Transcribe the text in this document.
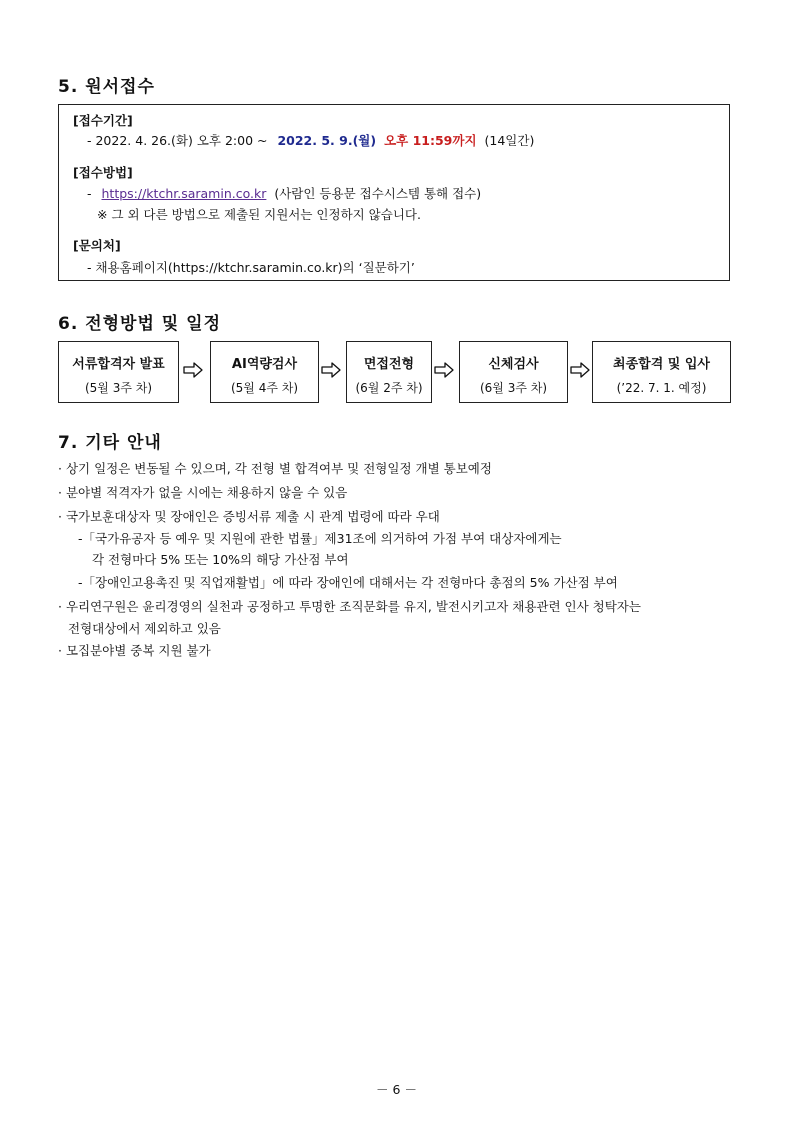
5. 원서접수

[접수기간]

- 2022. 4. 26.(화) 오후 2:00 ~ 2022. 5. 9.(월) 오후 11:59까지 (14일간)

[접수방법]

- https://ktchr.saramin.co.kr (사람인 등용문 접수시스템 통해 접수)

※ 그 외 다른 방법으로 제출된 지원서는 인정하지 않습니다.

[문의처]

- 채용홈페이지(https://ktchr.saramin.co.kr)의 ‘질문하기’

6. 전형방법 및 일정
서류합격자 발표
(5월 3주 차)
AI역량검사
(5월 4주 차)
면접전형
(6월 2주 차)
신체검사
(6월 3주 차)
최종합격 및 입사
(’22. 7. 1. 예정)
7. 기타 안내

· 상기 일정은 변동될 수 있으며, 각 전형 별 합격여부 및 전형일정 개별 통보예정

· 분야별 적격자가 없을 시에는 채용하지 않을 수 있음

· 국가보훈대상자 및 장애인은 증빙서류 제출 시 관계 법령에 따라 우대

-「국가유공자 등 예우 및 지원에 관한 법률」제31조에 의거하여 가점 부여 대상자에게는

각 전형마다 5% 또는 10%의 해당 가산점 부여

-「장애인고용촉진 및 직업재활법」에 따라 장애인에 대해서는 각 전형마다 총점의 5% 가산점 부여

· 우리연구원은 윤리경영의 실천과 공정하고 투명한 조직문화를 유지, 발전시키고자 채용관련 인사 청탁자는

전형대상에서 제외하고 있음

· 모집분야별 중복 지원 불가

－ 6 －
